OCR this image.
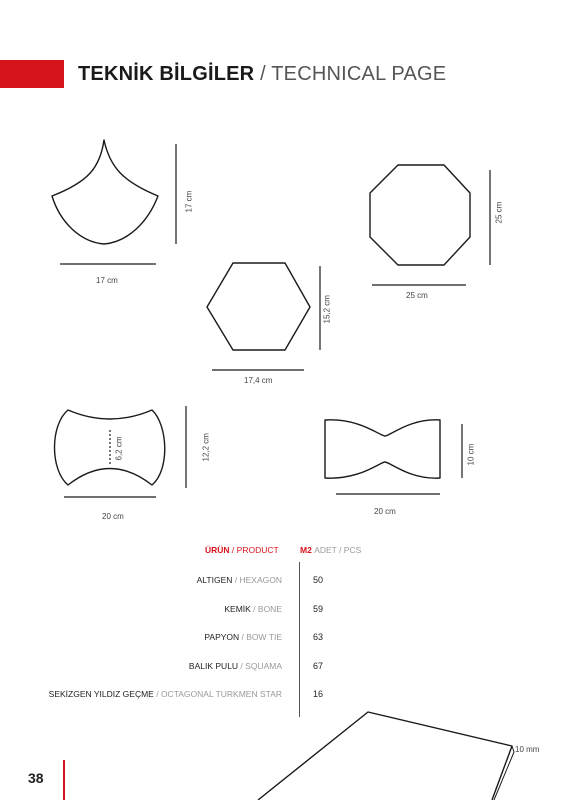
TEKNİK BİLGİLER / TECHNICAL PAGE
17 cm
17 cm
25 cm
25 cm
17,4 cm
15,2 cm
20 cm
12,2 cm
6,2 cm
20 cm
10 cm
10 mm
ÜRÜN / PRODUCT	M2 ADET / PCS
ALTIGEN / HEXAGON	50
KEMİK / BONE	59
PAPYON / BOW TIE	63
BALIK PULU / SQUAMA	67
SEKİZGEN YILDIZ GEÇME / OCTAGONAL TURKMEN STAR	16
38
